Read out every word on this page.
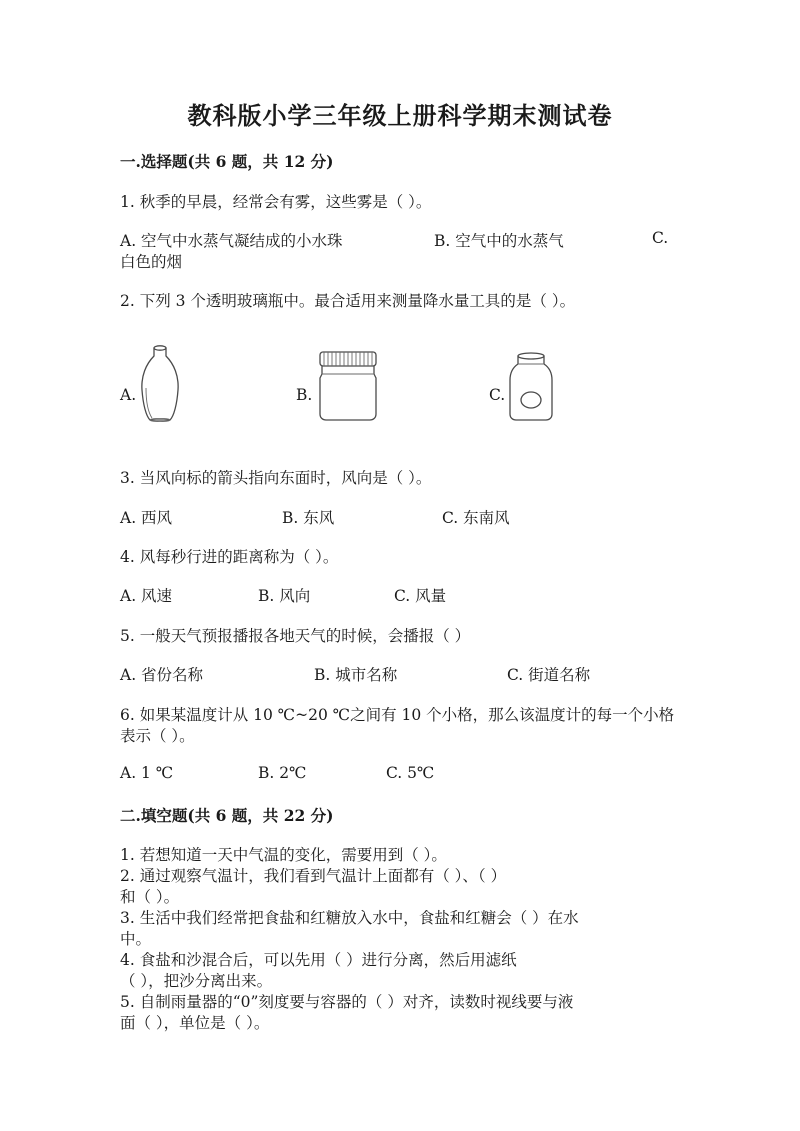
教科版小学三年级上册科学期末测试卷
一.选择题(共 6 题，共 12 分)
1. 秋季的早晨，经常会有雾，这些雾是（ ）。
A. 空气中水蒸气凝结成的小水珠	B. 空气中的水蒸气	C.
白色的烟
2. 下列 3 个透明玻璃瓶中。最合适用来测量降水量工具的是（ ）。
A.	B.	C.
3. 当风向标的箭头指向东面时，风向是（ ）。
A. 西风	B. 东风	C. 东南风
4. 风每秒行进的距离称为（ ）。
A. 风速	B. 风向	C. 风量
5. 一般天气预报播报各地天气的时候，会播报（ ）
A. 省份名称	B. 城市名称	C. 街道名称
6. 如果某温度计从 10 ℃~20 ℃之间有 10 个小格，那么该温度计的每一个小格
表示（ ）。
A. 1 ℃	B. 2℃	C. 5℃
二.填空题(共 6 题，共 22 分)
1. 若想知道一天中气温的变化，需要用到（ ）。
2. 通过观察气温计，我们看到气温计上面都有（ ）、（ ）
和（ ）。
3. 生活中我们经常把食盐和红糖放入水中，食盐和红糖会（ ）在水
中。
4. 食盐和沙混合后，可以先用（ ）进行分离，然后用滤纸
（ ），把沙分离出来。
5. 自制雨量器的“0”刻度要与容器的（ ）对齐，读数时视线要与液
面（ ），单位是（ ）。
